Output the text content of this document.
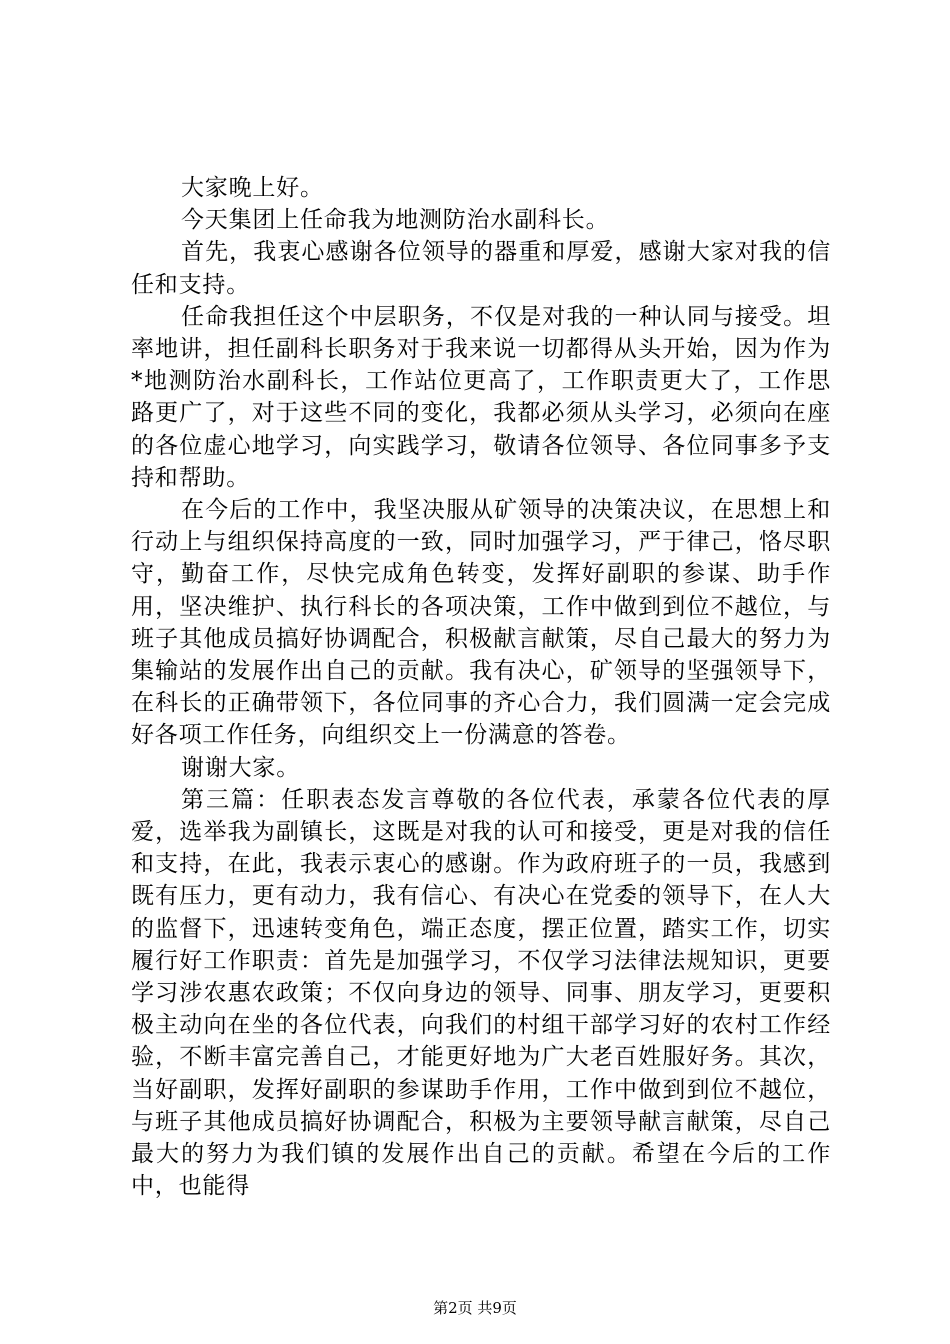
大家晚上好。

今天集团上任命我为地测防治水副科长。

首先，我衷心感谢各位领导的器重和厚爱，感谢大家对我的信任和支持。

任命我担任这个中层职务，不仅是对我的一种认同与接受。坦率地讲，担任副科长职务对于我来说一切都得从头开始，因为作为*地测防治水副科长，工作站位更高了，工作职责更大了，工作思路更广了，对于这些不同的变化，我都必须从头学习，必须向在座的各位虚心地学习，向实践学习，敬请各位领导、各位同事多予支持和帮助。

在今后的工作中，我坚决服从矿领导的决策决议，在思想上和行动上与组织保持高度的一致，同时加强学习，严于律己，恪尽职守，勤奋工作，尽快完成角色转变，发挥好副职的参谋、助手作用，坚决维护、执行科长的各项决策，工作中做到到位不越位，与班子其他成员搞好协调配合，积极献言献策，尽自己最大的努力为集输站的发展作出自己的贡献。我有决心，矿领导的坚强领导下，在科长的正确带领下，各位同事的齐心合力，我们圆满一定会完成好各项工作任务，向组织交上一份满意的答卷。

谢谢大家。

第三篇：任职表态发言尊敬的各位代表，承蒙各位代表的厚爱，选举我为副镇长，这既是对我的认可和接受，更是对我的信任和支持，在此，我表示衷心的感谢。作为政府班子的一员，我感到既有压力，更有动力，我有信心、有决心在党委的领导下，在人大的监督下，迅速转变角色，端正态度，摆正位置，踏实工作，切实履行好工作职责：首先是加强学习，不仅学习法律法规知识，更要学习涉农惠农政策；不仅向身边的领导、同事、朋友学习，更要积极主动向在坐的各位代表，向我们的村组干部学习好的农村工作经验，不断丰富完善自己，才能更好地为广大老百姓服好务。其次，当好副职，发挥好副职的参谋助手作用，工作中做到到位不越位，与班子其他成员搞好协调配合，积极为主要领导献言献策，尽自己最大的努力为我们镇的发展作出自己的贡献。希望在今后的工作中，也能得

第2页 共9页
